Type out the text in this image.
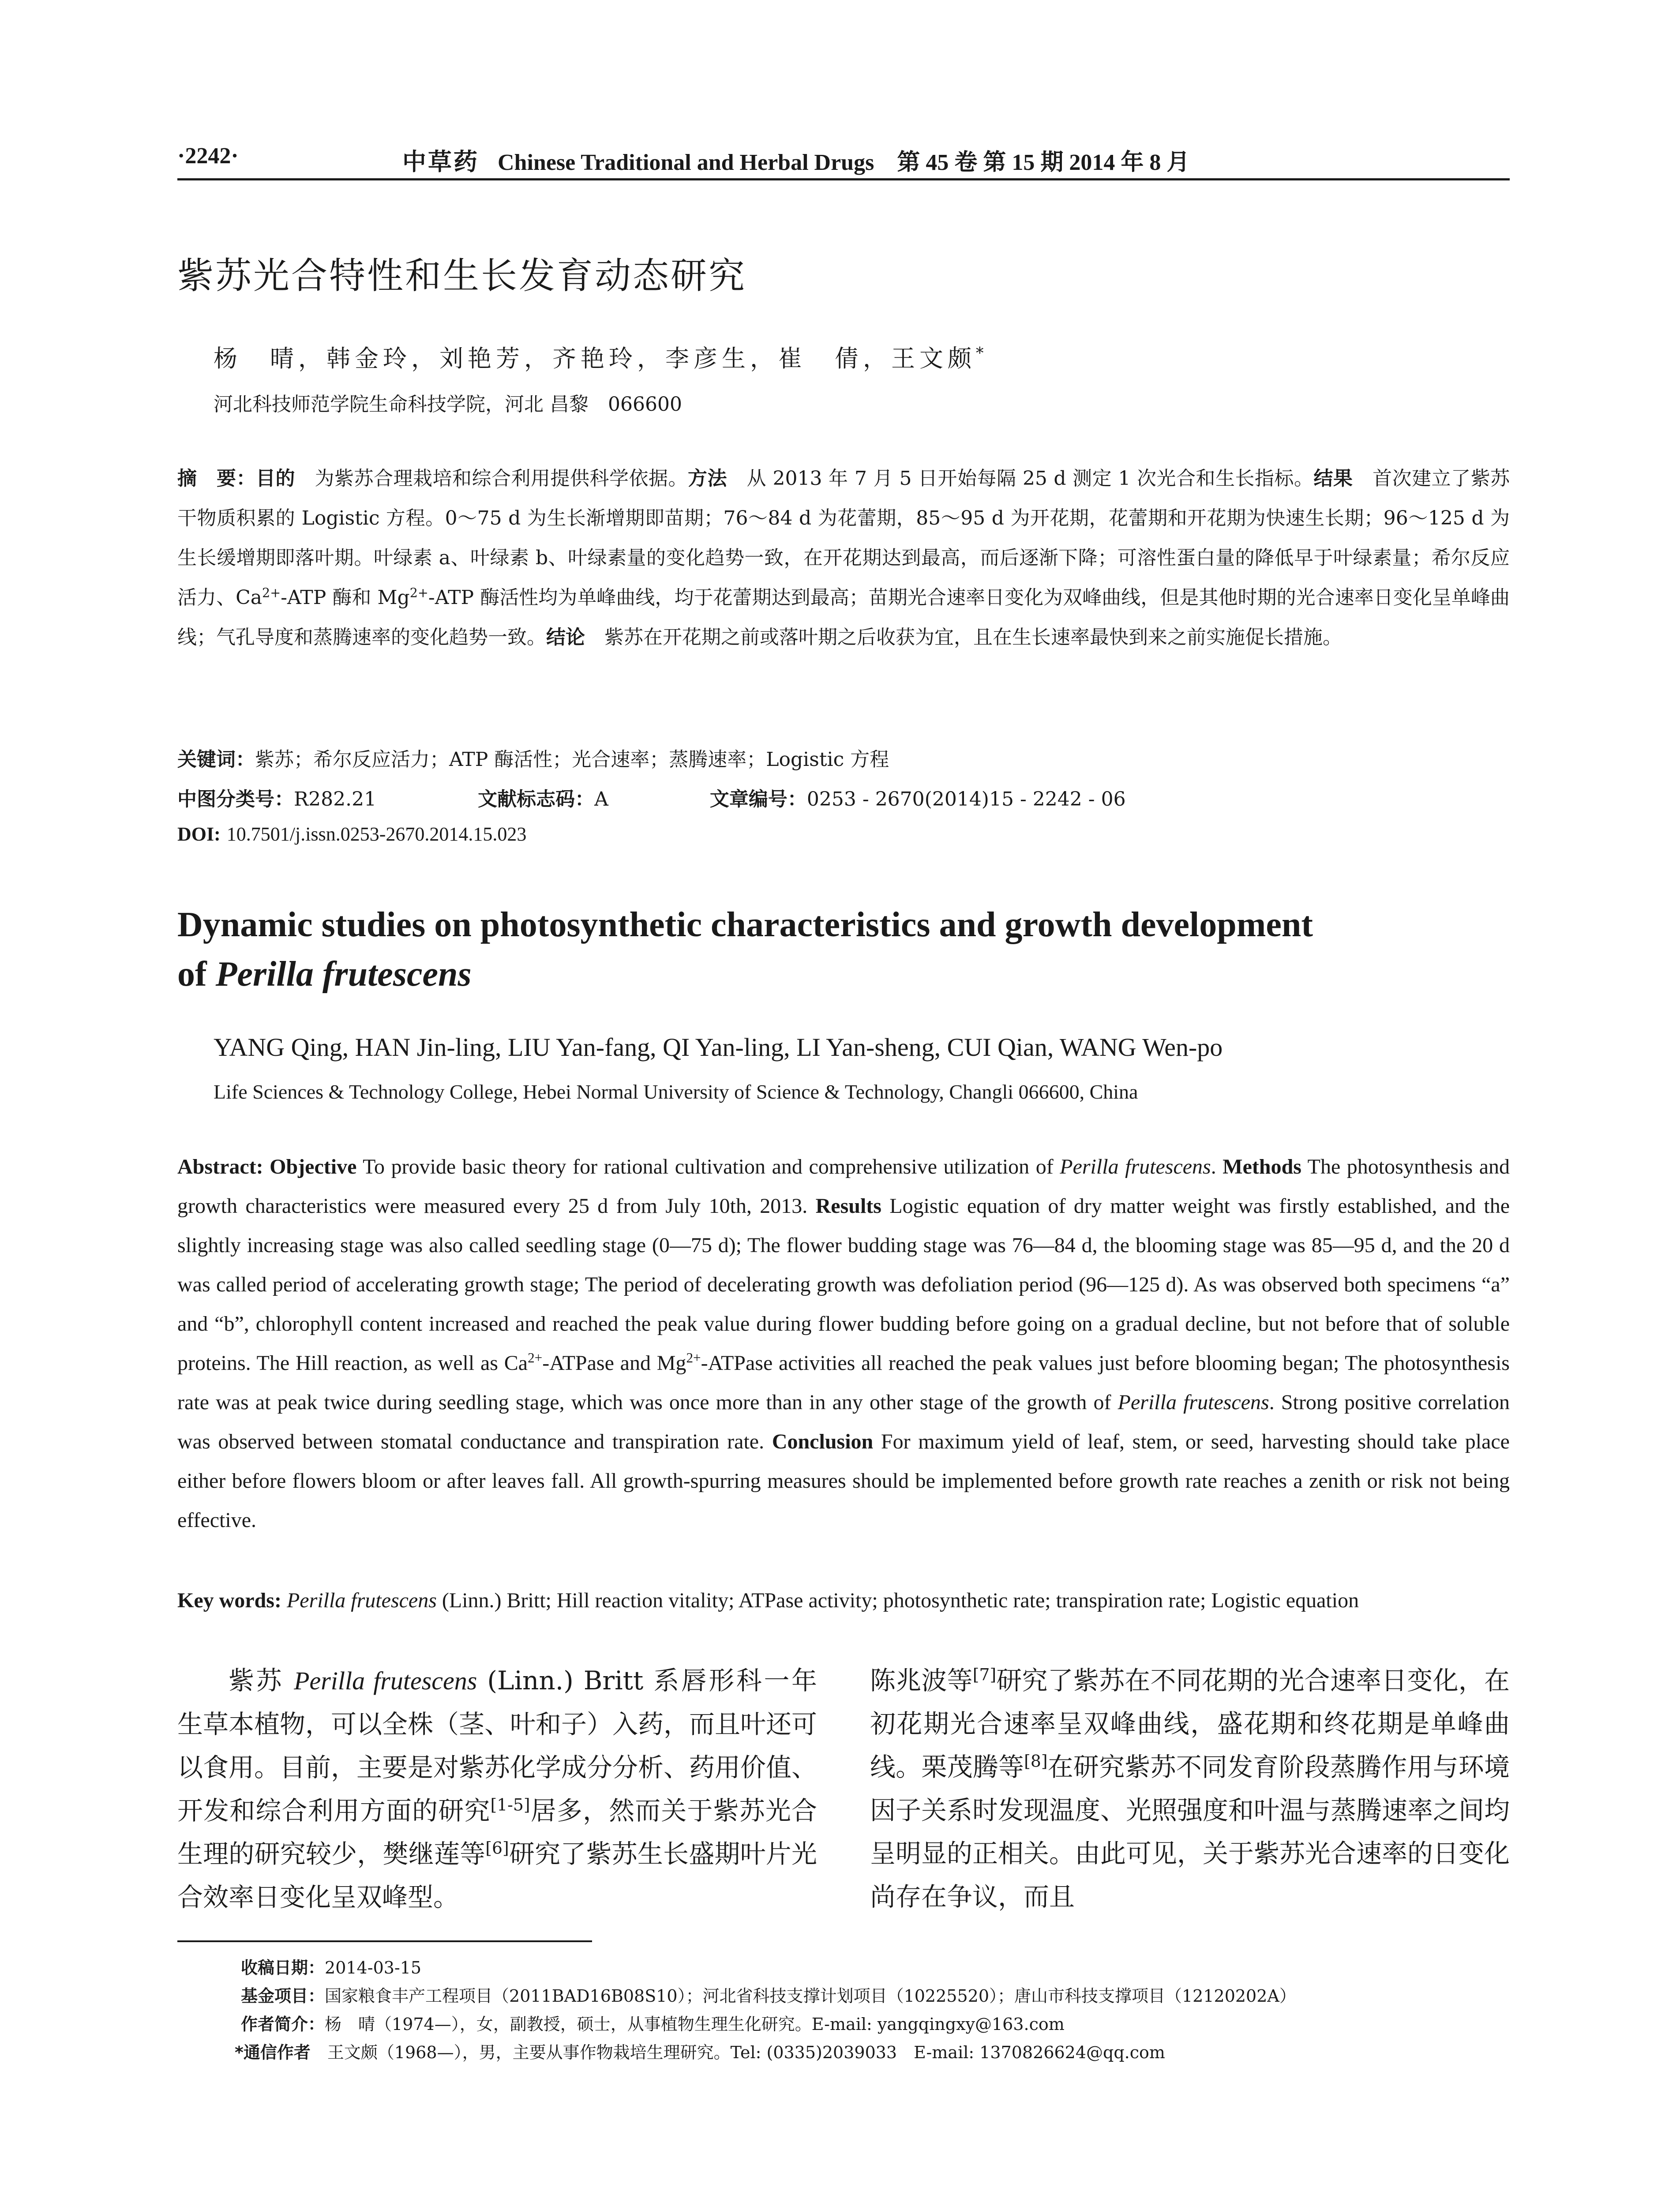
·2242·	中草药 Chinese Traditional and Herbal Drugs 第 45 卷 第 15 期 2014 年 8 月
紫苏光合特性和生长发育动态研究
杨　晴，韩金玲，刘艳芳，齐艳玲，李彦生，崔　倩，王文颇*
河北科技师范学院生命科技学院，河北 昌黎　066600
摘　要：目的　为紫苏合理栽培和综合利用提供科学依据。方法　从 2013 年 7 月 5 日开始每隔 25 d 测定 1 次光合和生长指标。结果　首次建立了紫苏干物质积累的 Logistic 方程。0～75 d 为生长渐增期即苗期；76～84 d 为花蕾期，85～95 d 为开花期，花蕾期和开花期为快速生长期；96～125 d 为生长缓增期即落叶期。叶绿素 a、叶绿素 b、叶绿素量的变化趋势一致，在开花期达到最高，而后逐渐下降；可溶性蛋白量的降低早于叶绿素量；希尔反应活力、$Ca^{2+}$-ATP 酶和 $Mg^{2+}$-ATP 酶活性均为单峰曲线，均于花蕾期达到最高；苗期光合速率日变化为双峰曲线，但是其他时期的光合速率日变化呈单峰曲线；气孔导度和蒸腾速率的变化趋势一致。结论　紫苏在开花期之前或落叶期之后收获为宜，且在生长速率最快到来之前实施促长措施。
关键词：紫苏；希尔反应活力；ATP 酶活性；光合速率；蒸腾速率；Logistic 方程
中图分类号：R282.21	文献标志码：A	文章编号：0253 - 2670(2014)15 - 2242 - 06
DOI: 10.7501/j.issn.0253-2670.2014.15.023
Dynamic studies on photosynthetic characteristics and growth development
of Perilla frutescens
YANG Qing, HAN Jin-ling, LIU Yan-fang, QI Yan-ling, LI Yan-sheng, CUI Qian, WANG Wen-po
Life Sciences & Technology College, Hebei Normal University of Science & Technology, Changli 066600, China
Abstract: Objective To provide basic theory for rational cultivation and comprehensive utilization of Perilla frutescens. Methods The photosynthesis and growth characteristics were measured every 25 d from July 10th, 2013. Results Logistic equation of dry matter weight was firstly established, and the slightly increasing stage was also called seedling stage (0—75 d); The flower budding stage was 76—84 d, the blooming stage was 85—95 d, and the 20 d was called period of accelerating growth stage; The period of decelerating growth was defoliation period (96—125 d). As was observed both specimens “a” and “b”, chlorophyll content increased and reached the peak value during flower budding before going on a gradual decline, but not before that of soluble proteins. The Hill reaction, as well as $Ca^{2+}$-ATPase and $Mg^{2+}$-ATPase activities all reached the peak values just before blooming began; The photosynthesis rate was at peak twice during seedling stage, which was once more than in any other stage of the growth of Perilla frutescens. Strong positive correlation was observed between stomatal conductance and transpiration rate. Conclusion For maximum yield of leaf, stem, or seed, harvesting should take place either before flowers bloom or after leaves fall. All growth-spurring measures should be implemented before growth rate reaches a zenith or risk not being effective.
Key words: Perilla frutescens (Linn.) Britt; Hill reaction vitality; ATPase activity; photosynthetic rate; transpiration rate; Logistic equation

紫苏 Perilla frutescens (Linn.) Britt 系唇形科一年生草本植物，可以全株（茎、叶和子）入药，而且叶还可以食用。目前，主要是对紫苏化学成分分析、药用价值、开发和综合利用方面的研究[1-5]居多，然而关于紫苏光合生理的研究较少，樊继莲等[6]研究了紫苏生长盛期叶片光合效率日变化呈双峰型。

陈兆波等[7]研究了紫苏在不同花期的光合速率日变化，在初花期光合速率呈双峰曲线，盛花期和终花期是单峰曲线。栗茂腾等[8]在研究紫苏不同发育阶段蒸腾作用与环境因子关系时发现温度、光照强度和叶温与蒸腾速率之间均呈明显的正相关。由此可见，关于紫苏光合速率的日变化尚存在争议，而且

收稿日期：2014-03-15
基金项目：国家粮食丰产工程项目（2011BAD16B08S10）；河北省科技支撑计划项目（10225520）；唐山市科技支撑项目（12120202A）
作者简介：杨　晴（1974—），女，副教授，硕士，从事植物生理生化研究。E-mail: yangqingxy@163.com
*通信作者　王文颇（1968—），男，主要从事作物栽培生理研究。Tel: (0335)2039033　E-mail: 1370826624@qq.com
